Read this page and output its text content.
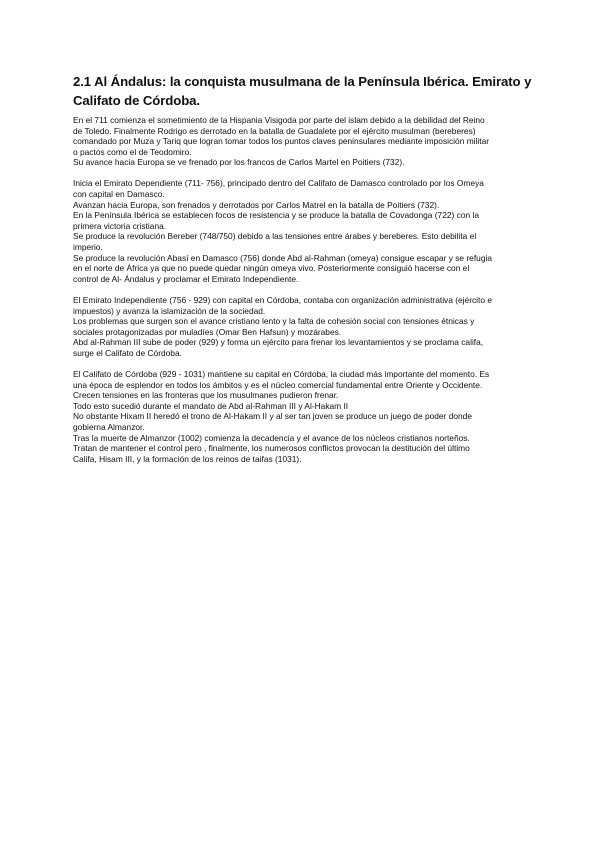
2.1 Al Ándalus: la conquista musulmana de la Península Ibérica. Emirato y Califato de Córdoba.
En el 711 comienza el sometimiento de la Hispania Visigoda por parte del islam debido a la debilidad del Reino
de Toledo. Finalmente Rodrigo es derrotado en la batalla de Guadalete por el ejército musulman (bereberes)
comandado por Muza y Tariq que logran tomar todos los puntos claves peninsulares mediante imposición militar
o pactos como el de Teodomiro.
Su avance hacia Europa se ve frenado por los francos de Carlos Martel en Poitiers (732).
Inicia el Emirato Dependiente (711- 756), principado dentro del Califato de Damasco controlado por los Omeya
con capital en Damasco.
Avanzan hacia Europa, son frenados y derrotados por Carlos Matrel en la batalla de Poitiers (732).
En la Península Ibérica se establecen focos de resistencia y se produce la batalla de Covadonga (722) con la
primera victoria cristiana.
Se produce la revolución Bereber (748/750) debido a las tensiones entre árabes y bereberes. Esto debilita el
imperio.
Se produce la revolución Abasí en Damasco (756) donde Abd al-Rahman (omeya) consigue escapar y se refugia
en el norte de África ya que no puede quedar ningún omeya vivo. Posteriormente consiguió hacerse con el
control de Al- Ándalus y proclamar el Emirato Independiente.
El Emirato Independiente (756 - 929) con capital en Córdoba, contaba con organización administrativa (ejército e
impuestos) y avanza la islamización de la sociedad.
Los problemas que surgen son el avance cristiano lento y la falta de cohesión social con tensiones étnicas y
sociales protagonizadas por muladíes (Omar Ben Hafsun) y mozárabes.
Abd al-Rahman III sube de poder (929) y forma un ejército para frenar los levantamientos y se proclama califa,
surge el Califato de Córdoba.
El Califato de Córdoba (929 - 1031) mantiene su capital en Córdoba, la ciudad más importante del momento. Es
una época de esplendor en todos los ámbitos y es el núcleo comercial fundamental entre Oriente y Occidente.
Crecen tensiones en las fronteras que los musulmanes pudieron frenar.
Todo esto sucedió durante el mandato de Abd al-Rahman III y Al-Hakam II
No obstante Hixam II heredó el trono de Al-Hakam II y al ser tan joven se produce un juego de poder donde
gobierna Almanzor.
Tras la muerte de Almanzor (1002) comienza la decadencia y el avance de los núcleos cristianos norteños.
Tratan de mantener el control pero , finalmente, los numerosos conflictos provocan la destitución del último
Califa, Hisam III, y la formación de los reinos de taifas (1031).
